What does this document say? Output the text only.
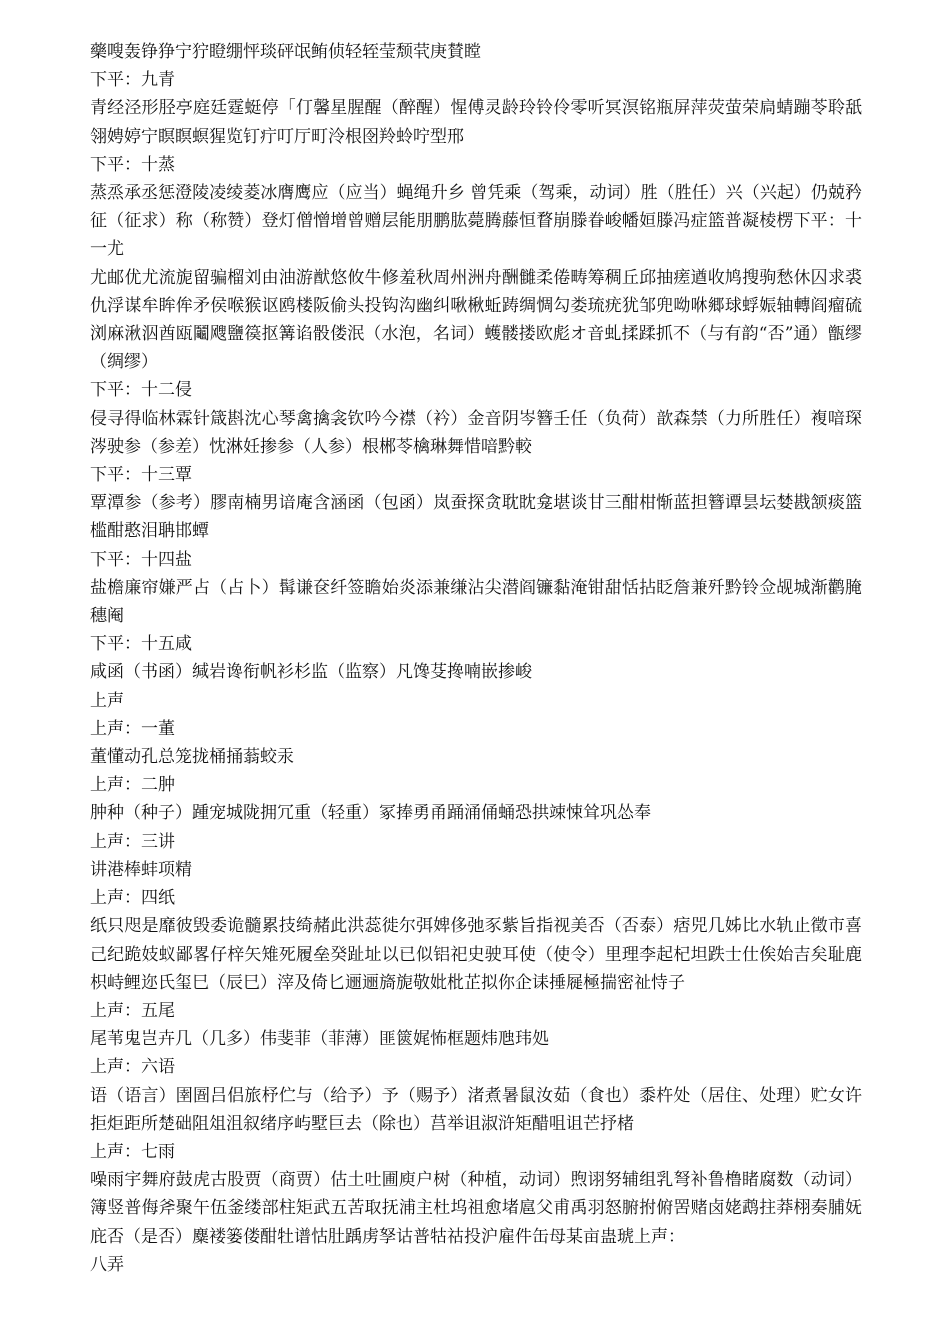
藥嗖轰铮狰宁狞瞪绷怦琰砰氓鲔侦轻轾莹颓茕庚賛瞠

下平：九青

青经泾形胫亭庭廷霆蜓停「仃馨星腥醒（醉醒）惺傅灵龄玲铃伶零听冥溟铭瓶屏萍荧萤荣扃蜻蹦苓聆舐翎娉婷宁瞑瞑螟猩览钉疔叮厅町泠根囹羚蛉咛型邢

下平：十蒸

蒸烝承丞惩澄陵凌绫菱冰膺鹰应（应当）蝇绳升乡 曾凭乘（驾乘，动词）胜（胜任）兴（兴起）仍兢矜征（征求）称（称赞）登灯僧憎增曾赠层能朋鹏肱薨腾藤恒瞀崩滕眷峻幡姮滕冯症篮普凝棱楞下平：十一尤

尤邮优尤流旎留骗榴刘由油游猷悠攸牛修羞秋周州洲舟酬雠柔倦畴筹稠丘邱抽瘥遒收鸠搜驹愁休囚求裘仇浮谋牟眸侔矛侯喉猴讴鸥楼阪偷头投钩沟幽纠啾楸蚯踌绸惆勾娄琉疣犹邹兜呦咻郷球蜉娠轴轉阎瘤硫浏麻湫泅酋瓯鬮飕鹽篌抠篝谄骰偻泯（水泡，名词）蠖髅搂欧彪オ音虬揉蹂抓不（与有韵“否”通）甑缪（绸缪）

下平：十二侵

侵寻得临林霖针箴斟沈心琴禽擒衾钦吟今襟（衿）金音阴岑簪壬任（负荷）歆森禁（力所胜任）複喑琛涔驶参（参差）忱淋妊掺参（人参）根郴苓檎琳舞惜喑黔較

下平：十三覃

覃潭参（参考）膠南楠男谙庵含涵函（包函）岚蚕探贪耽眈龛堪谈甘三酣柑惭蓝担簪谭昙坛婪戡颔痰篮槛酣憨泪聃邯蟫

下平：十四盐

盐檐廉帘嫌严占（占卜）髯谦奁纤签瞻始炎添兼缣沾尖潜阎镰黏淹钳甜恬拈眨詹兼歼黔铃佥觇城渐鹳腌穗阉

下平：十五咸

咸函（书函）缄岩谗衔帆衫杉监（监察）凡馋芟搀喃嵌掺峻

上声

上声：一董

董懂动孔总笼拢桶捅蓊蛟汞

上声：二肿

肿种（种子）踵宠城陇拥冗重（轻重）冢捧勇甬踊涌俑蛹恐拱竦悚耸巩怂奉

上声：三讲

讲港棒蚌项精

上声：四纸

纸只咫是靡彼毁委诡髓累技绮赭此洪蕊徙尔弭婢侈弛豕紫旨指视美否（否泰）痞兕几姊比水轨止徵市喜己纪跪妓蚁鄙畧仔梓矢雉死履垒癸趾址以已似铝祀史驶耳使（使令）里理李起杞坦跌士仕俟始吉矣耻鹿枳峙鲤迩氏玺巳（辰巳）滓及倚匕逦逦旖旎敬妣枇芷拟你企诔捶屣極揣密祉恃子

上声：五尾

尾苇鬼岂卉几（几多）伟斐菲（菲薄）匪篋娓怖框题炜虺玮処

上声：六语

语（语言）圉圄吕侣旅杼伫与（给予）予（赐予）渚煮暑鼠汝茹（食也）黍杵处（居住、处理）贮女许拒炬距所楚础阻俎沮叙绪序屿墅巨去（除也）莒举诅淑浒矩醋咀诅芒抒楮

上声：七雨

噪雨宇舞府鼓虎古股贾（商贾）估土吐圃庾户树（种植，动词）煦诩努辅组乳弩补鲁橹睹腐数（动词）簿竖普侮斧聚午伍釜缕部柱矩武五苦取抚浦主杜坞祖愈堵扈父甫禹羽怒腑拊俯罟赌卤姥鹉拄莽栩奏脯妩庇否（是否）麋褛篓偻酣牡谱怙肚踽虏孥诂普牯祜投沪雇件缶母某亩蛊琥上声：

八弄
